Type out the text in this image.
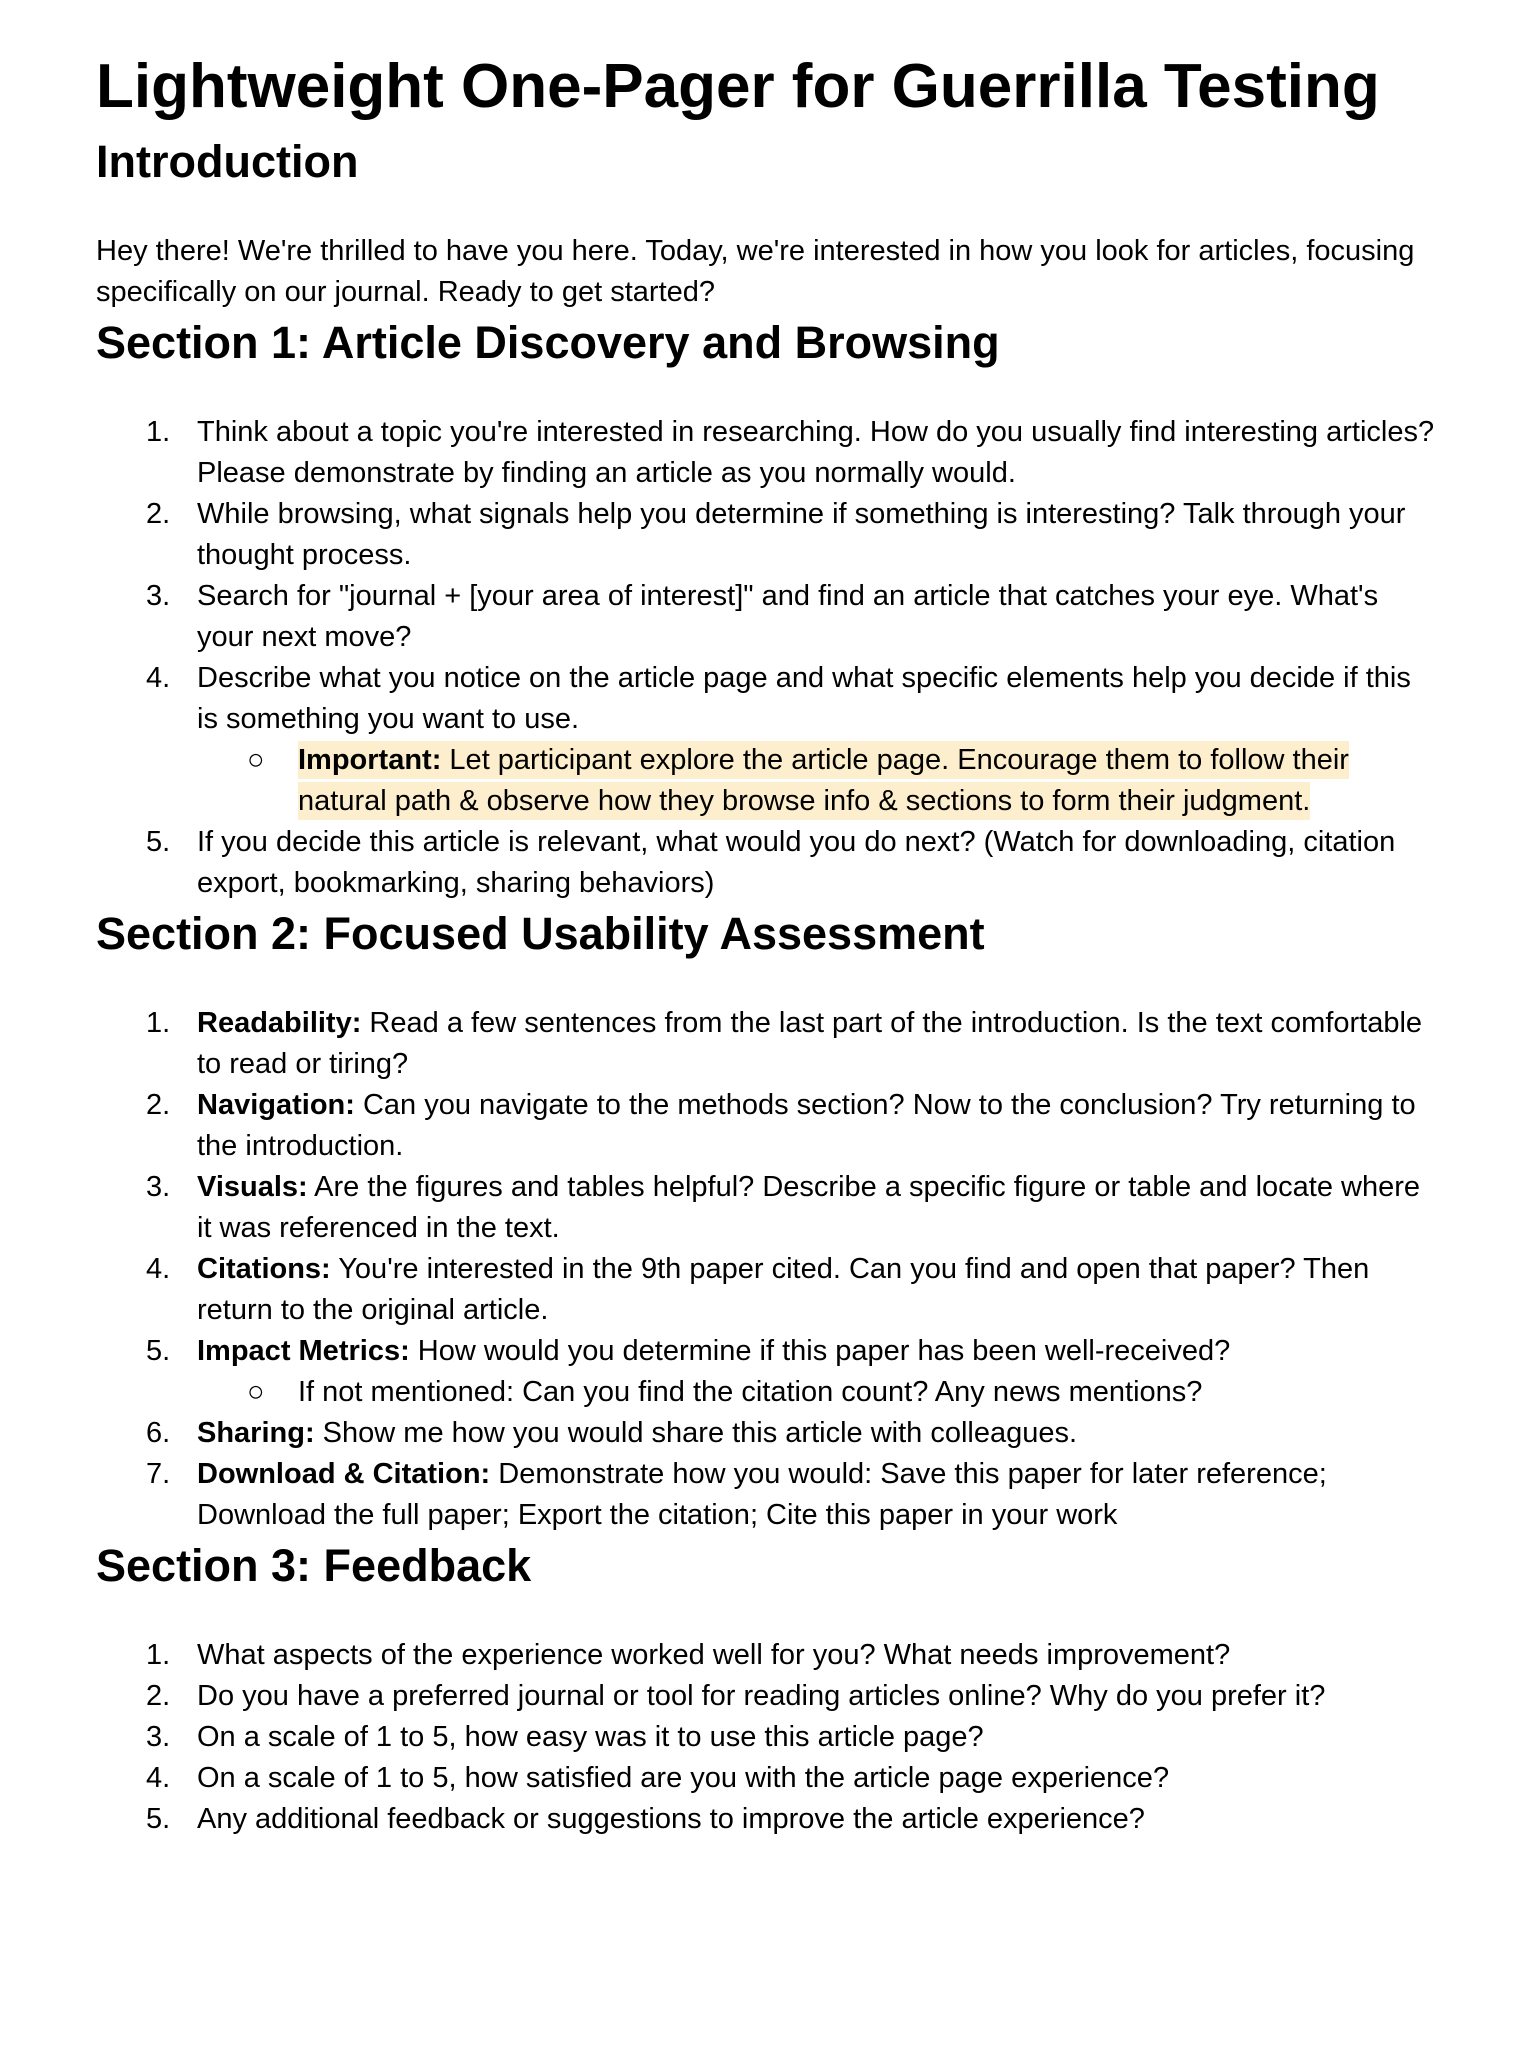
Lightweight One-Pager for Guerrilla Testing
Introduction

Hey there! We're thrilled to have you here. Today, we're interested in how you look for articles, focusing specifically on our journal. Ready to get started?

Section 1: Article Discovery and Browsing
1. Think about a topic you're interested in researching. How do you usually find interesting articles? Please demonstrate by finding an article as you normally would.
2. While browsing, what signals help you determine if something is interesting? Talk through your thought process.
3. Search for "journal + [your area of interest]" and find an article that catches your eye. What's your next move?
4. Describe what you notice on the article page and what specific elements help you decide if this is something you want to use.
○ Important: Let participant explore the article page. Encourage them to follow their natural path & observe how they browse info & sections to form their judgment.
5. If you decide this article is relevant, what would you do next? (Watch for downloading, citation export, bookmarking, sharing behaviors)
Section 2: Focused Usability Assessment
1. Readability: Read a few sentences from the last part of the introduction. Is the text comfortable to read or tiring?
2. Navigation: Can you navigate to the methods section? Now to the conclusion? Try returning to the introduction.
3. Visuals: Are the figures and tables helpful? Describe a specific figure or table and locate where it was referenced in the text.
4. Citations: You're interested in the 9th paper cited. Can you find and open that paper? Then return to the original article.
5. Impact Metrics: How would you determine if this paper has been well-received?
○ If not mentioned: Can you find the citation count? Any news mentions?
6. Sharing: Show me how you would share this article with colleagues.
7. Download & Citation: Demonstrate how you would: Save this paper for later reference; Download the full paper; Export the citation; Cite this paper in your work
Section 3: Feedback
1. What aspects of the experience worked well for you? What needs improvement?
2. Do you have a preferred journal or tool for reading articles online? Why do you prefer it?
3. On a scale of 1 to 5, how easy was it to use this article page?
4. On a scale of 1 to 5, how satisfied are you with the article page experience?
5. Any additional feedback or suggestions to improve the article experience?
